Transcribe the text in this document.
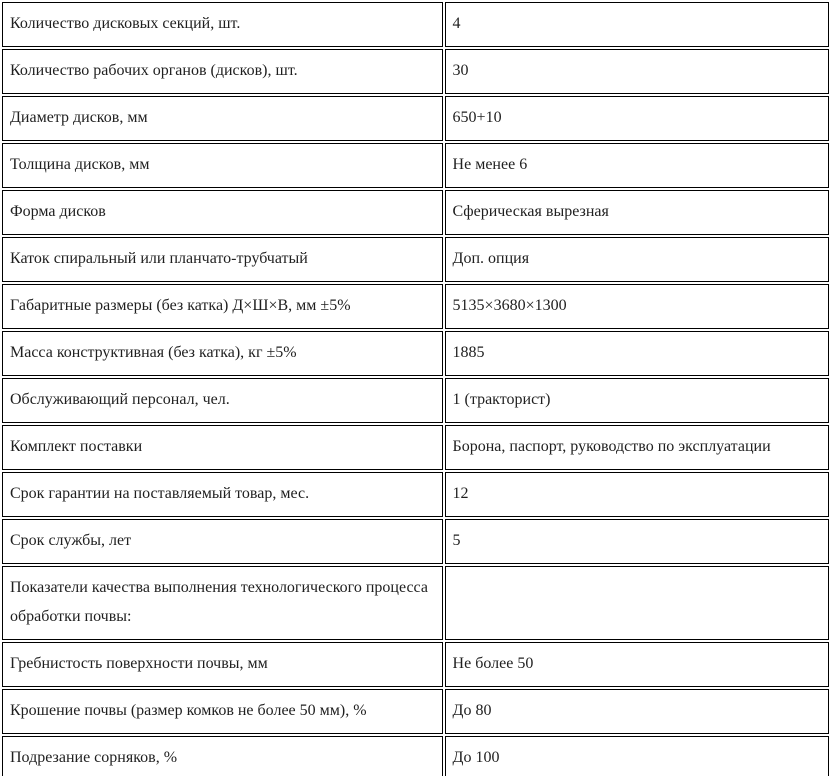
Количество дисковых секций, шт.	4
Количество рабочих органов (дисков), шт.	30
Диаметр дисков, мм	650+10
Толщина дисков, мм	Не менее 6
Форма дисков	Сферическая вырезная
Каток спиральный или планчато-трубчатый	Доп. опция
Габаритные размеры (без катка) Д×Ш×В, мм ±5%	5135×3680×1300
Масса конструктивная (без катка), кг ±5%	1885
Обслуживающий персонал, чел.	1 (тракторист)
Комплект поставки	Борона, паспорт, руководство по эксплуатации
Срок гарантии на поставляемый товар, мес.	12
Срок службы, лет	5
Показатели качества выполнения технологического процесса обработки почвы:	
Гребнистость поверхности почвы, мм	Не более 50
Крошение почвы (размер комков не более 50 мм), %	До 80
Подрезание сорняков, %	До 100
